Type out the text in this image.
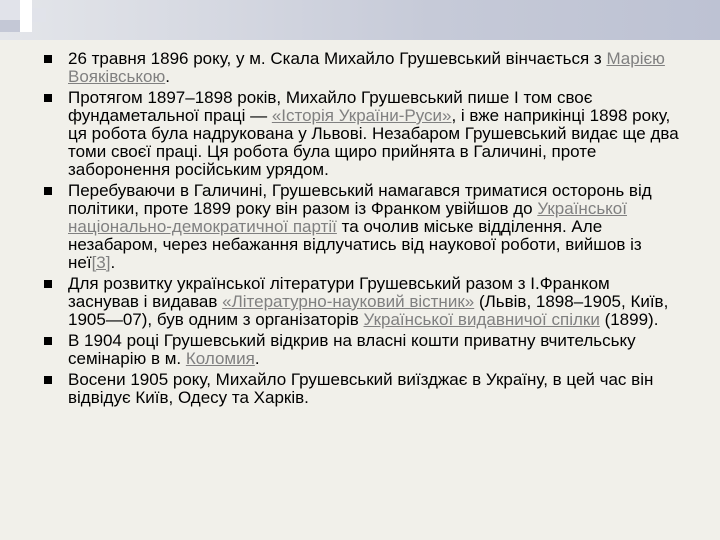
26 травня 1896 року, у м. Скала Михайло Грушевський вінчається з Марією Вояківською.
Протягом 1897–1898 років, Михайло Грушевський пише І том своє фундаметальної праці — «Історія України-Руси», і вже наприкінці 1898 року, ця робота була надрукована у Львові. Незабаром Грушевський видає ще два томи своєї праці. Ця робота була щиро прийнята в Галичині, проте заборонення російським урядом.
Перебуваючи в Галичині, Грушевський намагався триматися осторонь від політики, проте 1899 року він разом із Франком увійшов до Української національно-демократичної партії та очолив міське відділення. Але незабаром, через небажання відлучатись від наукової роботи, вийшов із неї[3].
Для розвитку української літератури Грушевський разом з І.Франком заснував і видавав «Літературно-науковий вістник» (Львів, 1898–1905, Київ, 1905—07), був одним з організаторів Української видавничої спілки (1899).
В 1904 році Грушевський відкрив на власні кошти приватну вчительську семінарію в м. Коломия.
Восени 1905 року, Михайло Грушевський виїзджає в Україну, в цей час він відвідує Київ, Одесу та Харків.
